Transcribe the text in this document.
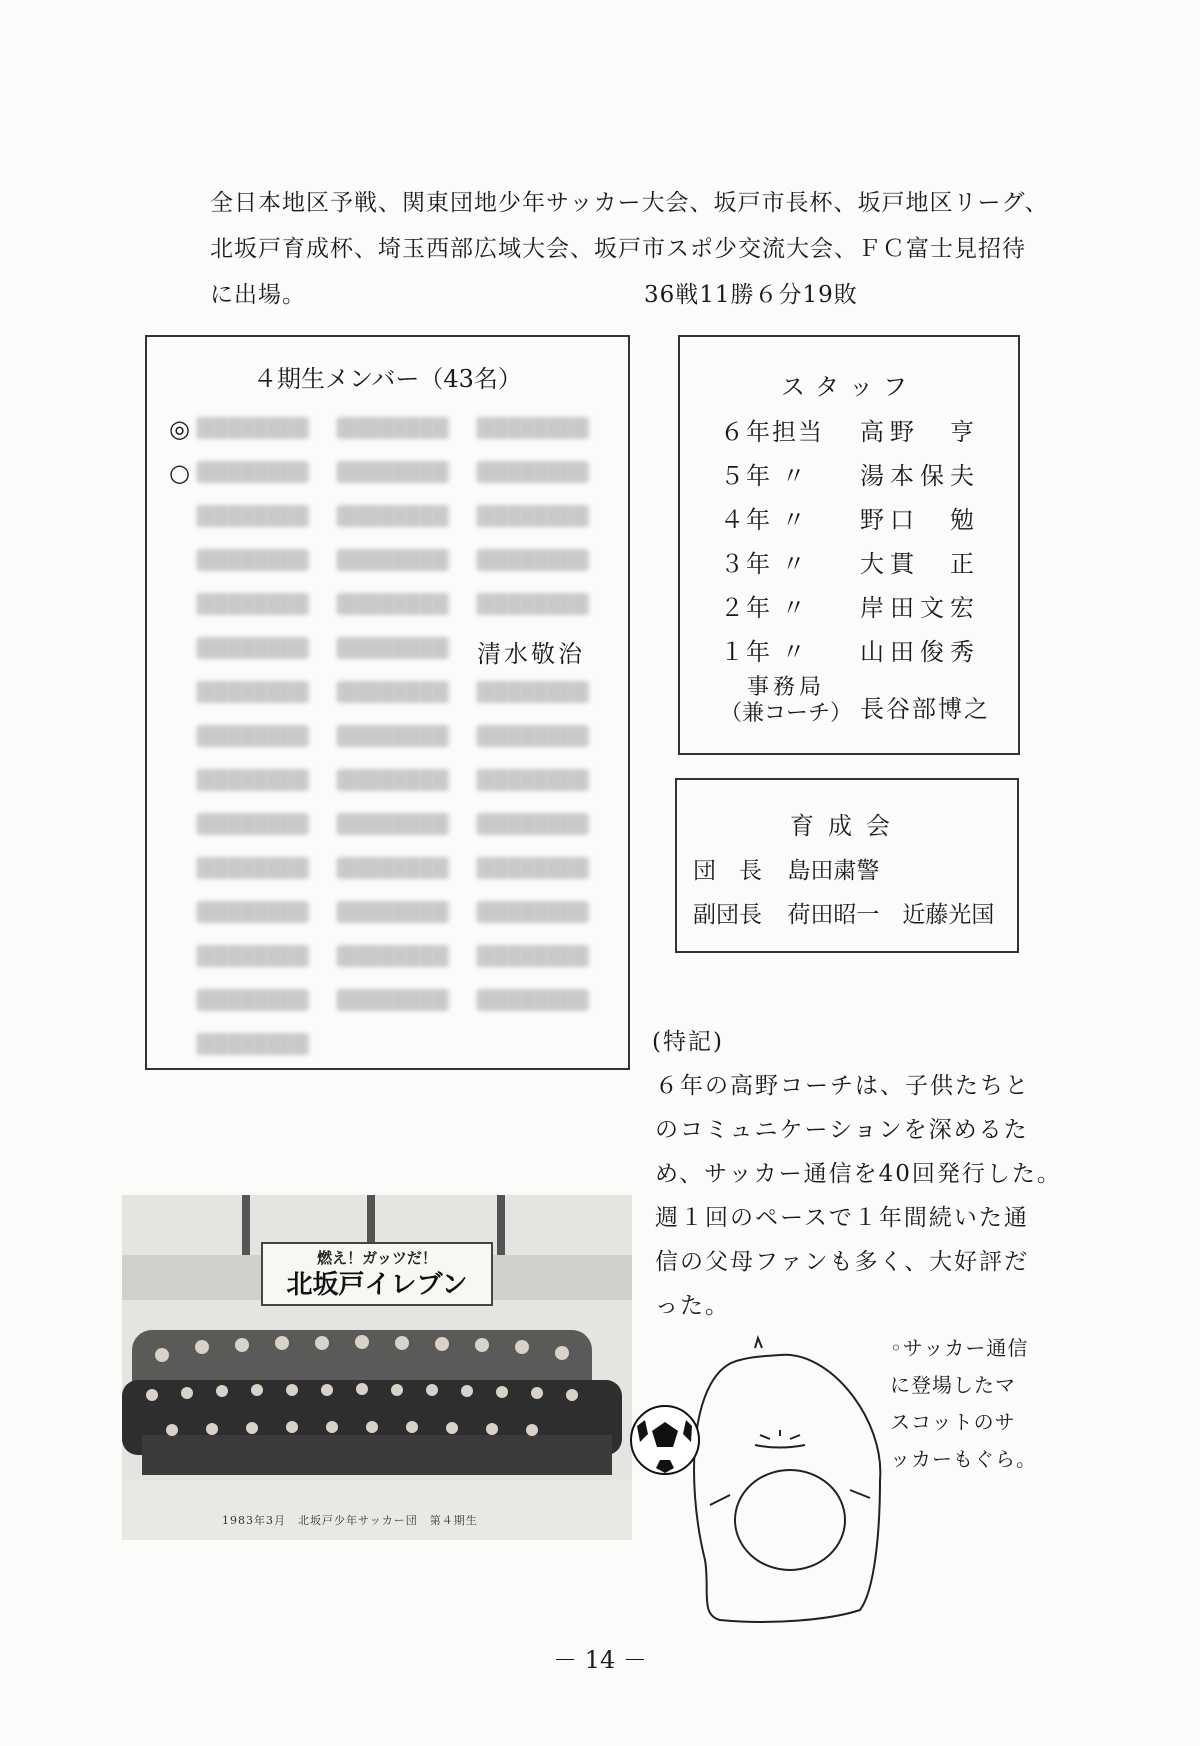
全日本地区予戦、関東団地少年サッカー大会、坂戸市長杯、坂戸地区リーグ、
北坂戸育成杯、埼玉西部広域大会、坂戸市スポ少交流大会、ＦＣ富士見招待
に出場。	36戦11勝６分19敗
４期生メンバー（43名）
◎
○
清水敬治
スタッフ
６年担当 高野　亨
５年 〃 湯本保夫
４年 〃 野口　勉
３年 〃 大貫　正
２年 〃 岸田文宏
１年 〃 山田俊秀
事務局
（兼コーチ） 長谷部博之
育成会
団　長 島田粛警
副団長 荷田昭一　近藤光国
(特記)
６年の高野コーチは、子供たちと
のコミュニケーションを深めるた
め、サッカー通信を40回発行した。
週１回のペースで１年間続いた通
信の父母ファンも多く、大好評だ
った。
燃え！ガッツだ！
北坂戸イレブン
1983年3月　北坂戸少年サッカー団　第４期生
◦サッカー通信
に登場したマ
スコットのサ
ッカーもぐら。
－ 14 －
